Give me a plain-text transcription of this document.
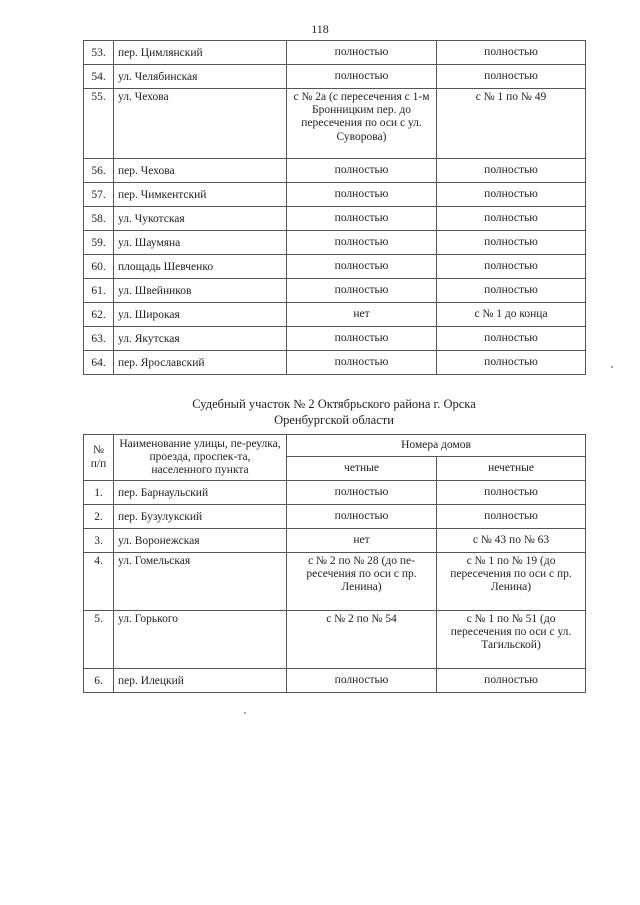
118
53.	пер. Цимлянский	полностью	полностью
54.	ул. Челябинская	полностью	полностью
55.	ул. Чехова	с № 2а (с пересечения с 1-м Бронницким пер. до пересечения по оси с ул. Суворова)	с № 1 по № 49
56.	пер. Чехова	полностью	полностью
57.	пер. Чимкентский	полностью	полностью
58.	ул. Чукотская	полностью	полностью
59.	ул. Шаумяна	полностью	полностью
60.	площадь Шевченко	полностью	полностью
61.	ул. Швейников	полностью	полностью
62.	ул. Широкая	нет	с № 1 до конца
63.	ул. Якутская	полностью	полностью
64.	пер. Ярославский	полностью	полностью
Судебный участок № 2 Октябрьского района г. Орска
Оренбургской области
№ п/п	Наименование улицы, пе-реулка, проезда, проспек-та, населенного пункта	Номера домов	
		четные	нечетные
1.	пер. Барнаульский	полностью	полностью
2.	пер. Бузулукский	полностью	полностью
3.	ул. Воронежская	нет	с № 43 по № 63
4.	ул. Гомельская	с № 2 по № 28 (до пе-ресечения по оси с пр. Ленина)	с № 1 по № 19 (до пересечения по оси с пр. Ленина)
5.	ул. Горького	с № 2 по № 54	с № 1 по № 51 (до пересечения по оси с ул. Тагильской)
6.	пер. Илецкий	полностью	полностью
